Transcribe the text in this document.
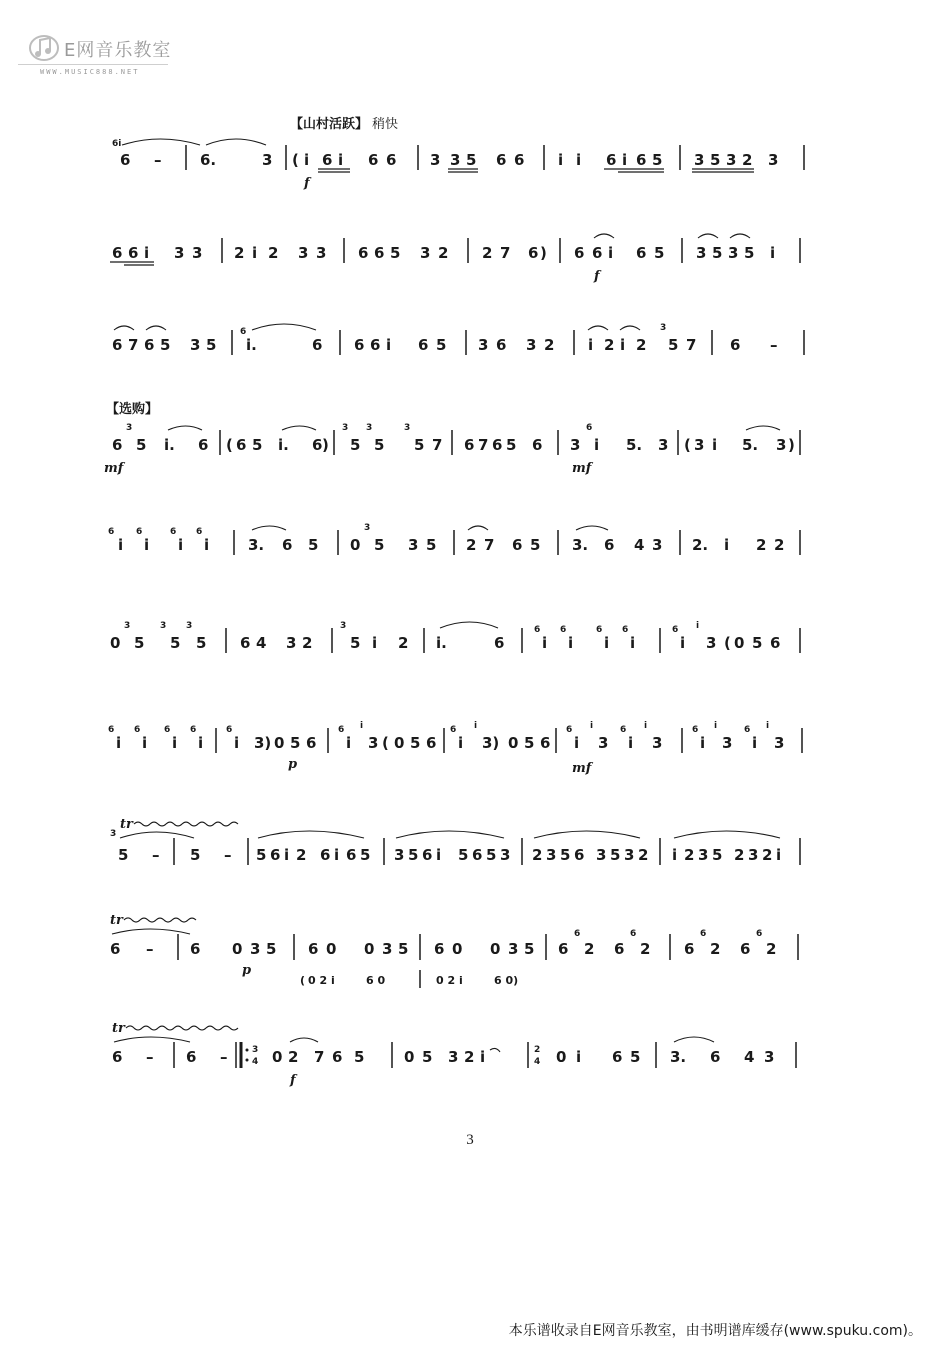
E网音乐教室
WWW.MUSIC888.NET
【山村活跃】 稍快
6i
6 –	6.	3 ( i 6 i 6 6
f
3 3 5 6 6 i i 6 i 6 5 3 5 3 2 3
6 6 i 3 3 2 i 2 3 3 6 6 5 3 2 2 7 6 ) 6 6 i 6 5
f
3 5 3 5 i
6 7 6 5 3 5
6
i.	6 6 6 i 6 5 3 6 3 2 i 2 i 2
3
5 7 6 –
【选购】
6
3
5 i. 6
mf
( 6 5 i. 6 )
3
5
3
5
3
5 7 6 7 6 5 6 3
6
i 5. 3
mf
( 3 i 5. 3 )
6
i
6
i
6
i
6
i	3. 6 5 0
3
5 3 5 2 7 6 5 3. 6 4 3 2. i 2 2
0
3
5
3
5
3
5 6 4 3 2
3
5 i 2 i.	6
6
i
6
i
6
i
6
i
6
i
i
3 ( 0 5 6
6
i
6
i
6
i
6
i
6
i 3) 0 5 6
p
6
i
i
3 ( 0 5 6
6
i
i
3) 0 5 6
6
i
i
3
6
i
i
3
mf
6
i
i
3
6
i
i
3
tr
3
5 – 5 – 5 6 i 2 6 i 6 5 3 5 6 i 5 6 5 3 2 3 5 6 3 5 3 2 i 2 3 5 2 3 2 i
tr
6 – 6 0 3 5
p
6 0 0 3 5 6 0 0 3 5 6
6
2 6
6
2 6
6
2 6
6
2
( 0 2 i	6 0	0 2 i	6 0)
tr
6 – 6 –	3
4 0 2 7 6 5
f
0 5 3 2 i	2
4 0 i 6 5 3. 6 4 3
3
本乐谱收录自E网音乐教室，由书明谱库缓存(www.spuku.com)。
